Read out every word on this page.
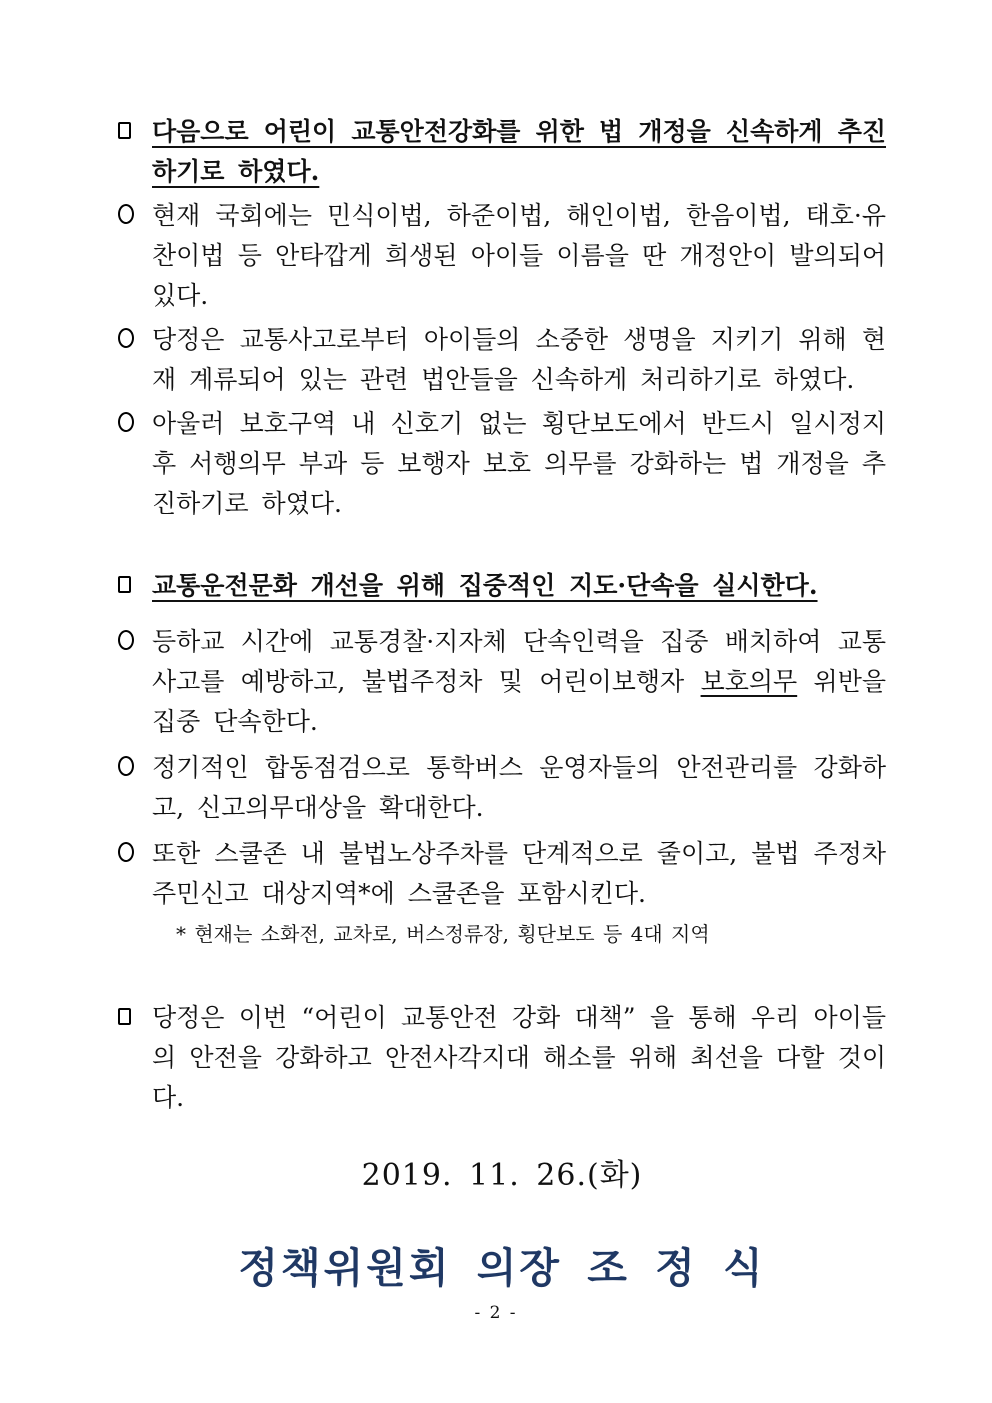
다음으로 어린이 교통안전강화를 위한 법 개정을 신속하게 추진하기로 하였다.
현재 국회에는 민식이법, 하준이법, 해인이법, 한음이법, 태호·유찬이법 등 안타깝게 희생된 아이들 이름을 딴 개정안이 발의되어 있다.
당정은 교통사고로부터 아이들의 소중한 생명을 지키기 위해 현재 계류되어 있는 관련 법안들을 신속하게 처리하기로 하였다.
아울러 보호구역 내 신호기 없는 횡단보도에서 반드시 일시정지 후 서행의무 부과 등 보행자 보호 의무를 강화하는 법 개정을 추진하기로 하였다.
교통운전문화 개선을 위해 집중적인 지도·단속을 실시한다.
등하교 시간에 교통경찰·지자체 단속인력을 집중 배치하여 교통사고를 예방하고, 불법주정차 및 어린이보행자 보호의무 위반을 집중 단속한다.
정기적인 합동점검으로 통학버스 운영자들의 안전관리를 강화하고, 신고의무대상을 확대한다.
또한 스쿨존 내 불법노상주차를 단계적으로 줄이고, 불법 주정차 주민신고 대상지역*에 스쿨존을 포함시킨다.
* 현재는 소화전, 교차로, 버스정류장, 횡단보도 등 4대 지역
당정은 이번 “어린이 교통안전 강화 대책” 을 통해 우리 아이들의 안전을 강화하고 안전사각지대 해소를 위해 최선을 다할 것이다.
2019. 11. 26.(화)
정책위원회 의장 조 정 식
- 2 -
